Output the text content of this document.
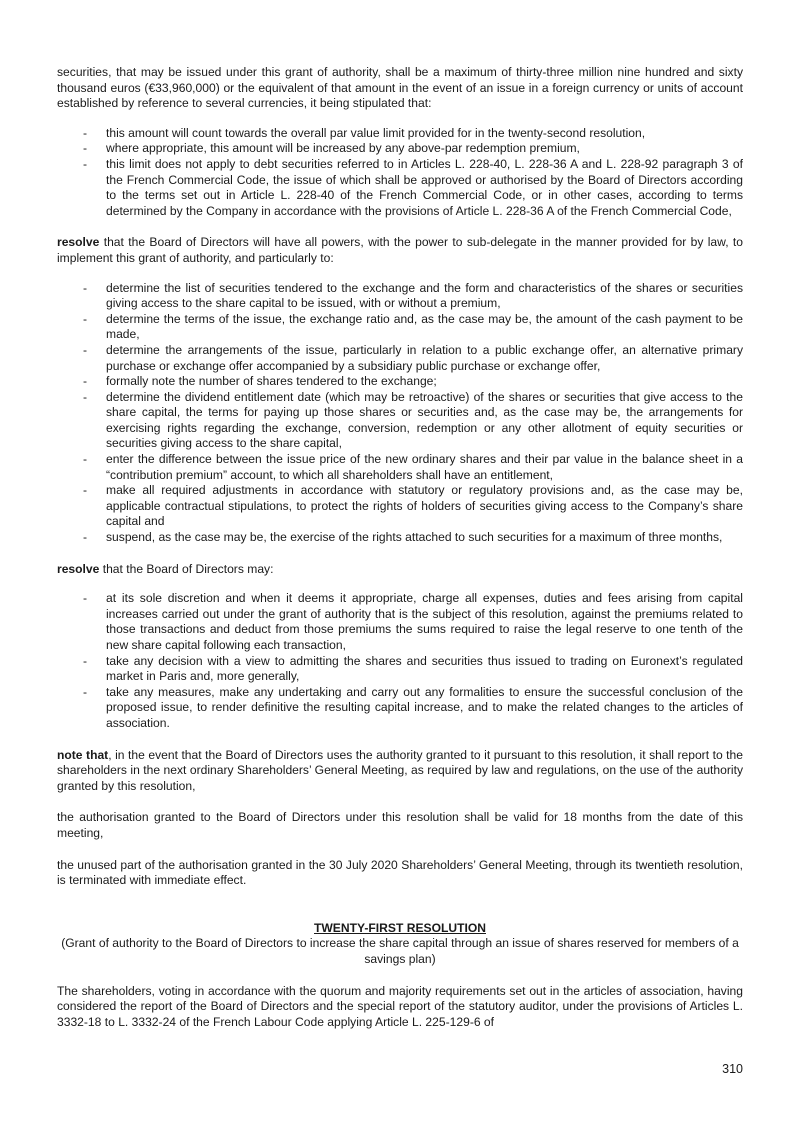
securities, that may be issued under this grant of authority, shall be a maximum of thirty-three million nine hundred and sixty thousand euros (€33,960,000) or the equivalent of that amount in the event of an issue in a foreign currency or units of account established by reference to several currencies, it being stipulated that:

-	this amount will count towards the overall par value limit provided for in the twenty-second resolution,
-	where appropriate, this amount will be increased by any above-par redemption premium,
-	this limit does not apply to debt securities referred to in Articles L. 228-40, L. 228-36 A and L. 228-92 paragraph 3 of the French Commercial Code, the issue of which shall be approved or authorised by the Board of Directors according to the terms set out in Article L. 228-40 of the French Commercial Code, or in other cases, according to terms determined by the Company in accordance with the provisions of Article L. 228-36 A of the French Commercial Code,

resolve that the Board of Directors will have all powers, with the power to sub-delegate in the manner provided for by law, to implement this grant of authority, and particularly to:

-	determine the list of securities tendered to the exchange and the form and characteristics of the shares or securities giving access to the share capital to be issued, with or without a premium,
-	determine the terms of the issue, the exchange ratio and, as the case may be, the amount of the cash payment to be made,
-	determine the arrangements of the issue, particularly in relation to a public exchange offer, an alternative primary purchase or exchange offer accompanied by a subsidiary public purchase or exchange offer,
-	formally note the number of shares tendered to the exchange;
-	determine the dividend entitlement date (which may be retroactive) of the shares or securities that give access to the share capital, the terms for paying up those shares or securities and, as the case may be, the arrangements for exercising rights regarding the exchange, conversion, redemption or any other allotment of equity securities or securities giving access to the share capital,
-	enter the difference between the issue price of the new ordinary shares and their par value in the balance sheet in a “contribution premium” account, to which all shareholders shall have an entitlement,
-	make all required adjustments in accordance with statutory or regulatory provisions and, as the case may be, applicable contractual stipulations, to protect the rights of holders of securities giving access to the Company’s share capital and
-	suspend, as the case may be, the exercise of the rights attached to such securities for a maximum of three months,

resolve that the Board of Directors may:

-	at its sole discretion and when it deems it appropriate, charge all expenses, duties and fees arising from capital increases carried out under the grant of authority that is the subject of this resolution, against the premiums related to those transactions and deduct from those premiums the sums required to raise the legal reserve to one tenth of the new share capital following each transaction,
-	take any decision with a view to admitting the shares and securities thus issued to trading on Euronext’s regulated market in Paris and, more generally,
-	take any measures, make any undertaking and carry out any formalities to ensure the successful conclusion of the proposed issue, to render definitive the resulting capital increase, and to make the related changes to the articles of association.

note that, in the event that the Board of Directors uses the authority granted to it pursuant to this resolution, it shall report to the shareholders in the next ordinary Shareholders’ General Meeting, as required by law and regulations, on the use of the authority granted by this resolution,

the authorisation granted to the Board of Directors under this resolution shall be valid for 18 months from the date of this meeting,

the unused part of the authorisation granted in the 30 July 2020 Shareholders’ General Meeting, through its twentieth resolution, is terminated with immediate effect.

TWENTY-FIRST RESOLUTION

(Grant of authority to the Board of Directors to increase the share capital through an issue of shares reserved for members of a savings plan)

The shareholders, voting in accordance with the quorum and majority requirements set out in the articles of association, having considered the report of the Board of Directors and the special report of the statutory auditor, under the provisions of Articles L. 3332-18 to L. 3332-24 of the French Labour Code applying Article L. 225-129-6 of

310
